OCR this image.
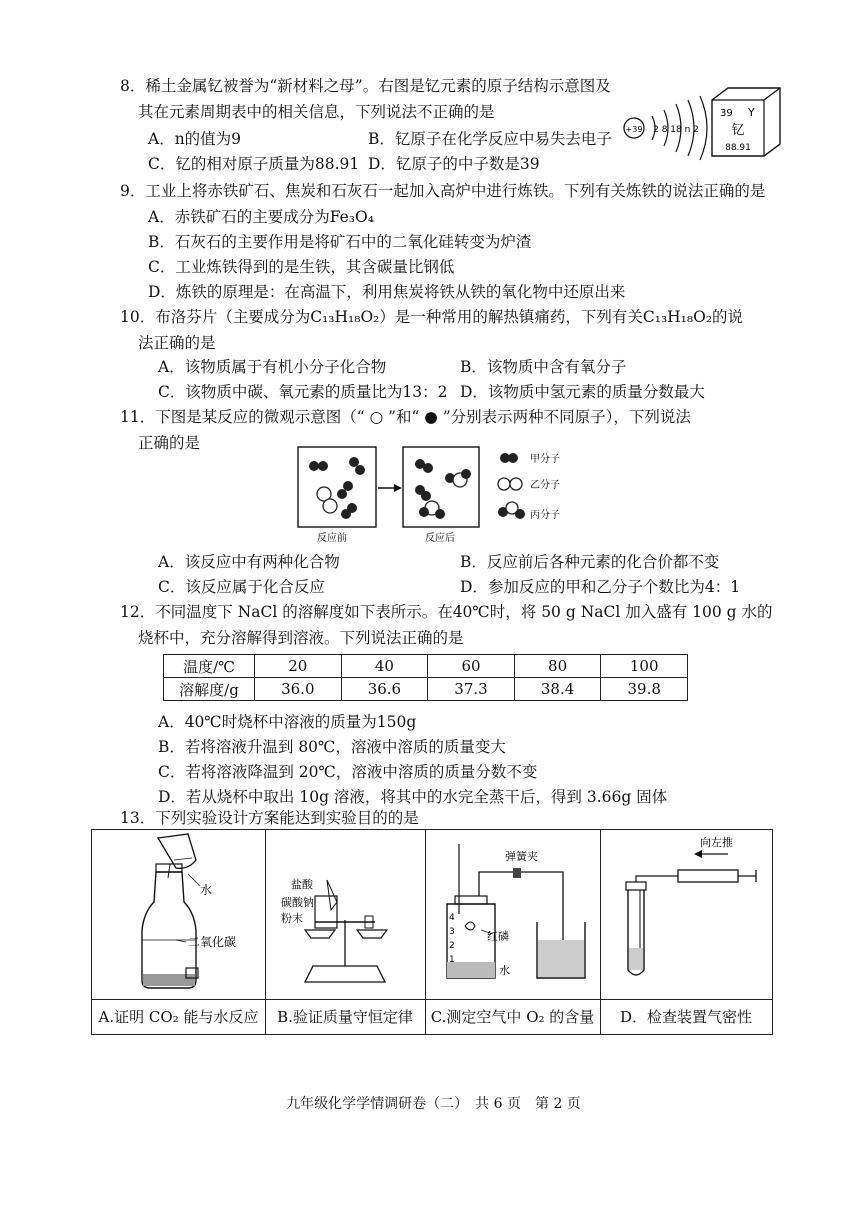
8．稀土金属钇被誉为“新材料之母”。右图是钇元素的原子结构示意图及
其在元素周期表中的相关信息，下列说法不正确的是
A．n的值为9	B．钇原子在化学反应中易失去电子
C．钇的相对原子质量为88.91 D．钇原子的中子数是39
+39 2 8 18 n 2
39 Y
钇
88.91
9．工业上将赤铁矿石、焦炭和石灰石一起加入高炉中进行炼铁。下列有关炼铁的说法正确的是
A．赤铁矿石的主要成分为Fe₃O₄
B．石灰石的主要作用是将矿石中的二氧化硅转变为炉渣
C．工业炼铁得到的是生铁，其含碳量比钢低
D．炼铁的原理是：在高温下，利用焦炭将铁从铁的氧化物中还原出来
10．布洛芬片（主要成分为C₁₃H₁₈O₂）是一种常用的解热镇痛药，下列有关C₁₃H₁₈O₂的说
法正确的是
A．该物质属于有机小分子化合物	B．该物质中含有氧分子
C．该物质中碳、氧元素的质量比为13：2 D．该物质中氢元素的质量分数最大
11．下图是某反应的微观示意图（“ ○ ”和“ ● ”分别表示两种不同原子），下列说法
正确的是
反应前	反应后
甲分子
乙分子
丙分子
A．该反应中有两种化合物	B．反应前后各种元素的化合价都不变
C．该反应属于化合反应	D．参加反应的甲和乙分子个数比为4：1
12．不同温度下 NaCl 的溶解度如下表所示。在40℃时，将 50 g NaCl 加入盛有 100 g 水的
烧杯中，充分溶解得到溶液。下列说法正确的是
温度/℃	20	40	60	80	100
溶解度/g	36.0	36.6	37.3	38.4	39.8
A．40℃时烧杯中溶液的质量为150g
B．若将溶液升温到 80℃，溶液中溶质的质量变大
C．若将溶液降温到 20℃，溶液中溶质的质量分数不变
D．若从烧杯中取出 10g 溶液，将其中的水完全蒸干后，得到 3.66g 固体
13．下列实验设计方案能达到实验目的的是
水
二氧化碳
A.证明 CO₂ 能与水反应
盐酸
碳酸钠
粉末
B.验证质量守恒定律
弹簧夹
红磷
水
4
3
2
1
C.测定空气中 O₂ 的含量
向左推
D．检查装置气密性
九年级化学学情调研卷（二）　共 6 页　第 2 页
